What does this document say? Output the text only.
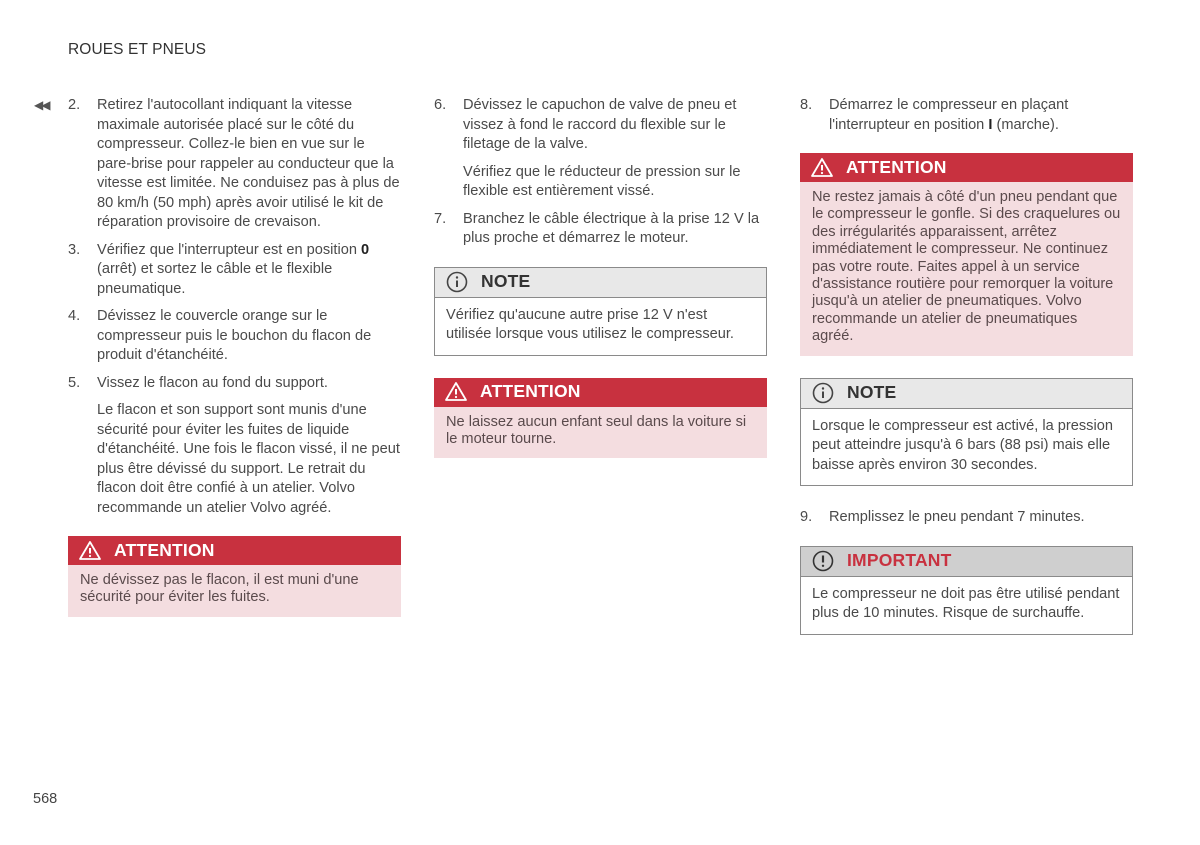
ROUES ET PNEUS
◀◀ 2. Retirez l'autocollant indiquant la vitesse maximale autorisée placé sur le côté du compresseur. Collez-le bien en vue sur le pare-brise pour rappeler au conducteur que la vitesse est limitée. Ne conduisez pas à plus de 80 km/h (50 mph) après avoir utilisé le kit de réparation provisoire de crevaison.
3. Vérifiez que l'interrupteur est en position 0 (arrêt) et sortez le câble et le flexible pneumatique.
4. Dévissez le couvercle orange sur le compresseur puis le bouchon du flacon de produit d'étanchéité.
5. Vissez le flacon au fond du support.

Le flacon et son support sont munis d'une sécurité pour éviter les fuites de liquide d'étanchéité. Une fois le flacon vissé, il ne peut plus être dévissé du support. Le retrait du flacon doit être confié à un atelier. Volvo recommande un atelier Volvo agréé.

ATTENTION
Ne dévissez pas le flacon, il est muni d'une sécurité pour éviter les fuites.
6. Dévissez le capuchon de valve de pneu et vissez à fond le raccord du flexible sur le filetage de la valve.

Vérifiez que le réducteur de pression sur le flexible est entièrement vissé.

7. Branchez le câble électrique à la prise 12 V la plus proche et démarrez le moteur.
NOTE
Vérifiez qu'aucune autre prise 12 V n'est utilisée lorsque vous utilisez le compresseur.
ATTENTION
Ne laissez aucun enfant seul dans la voiture si le moteur tourne.
8. Démarrez le compresseur en plaçant l'interrupteur en position I (marche).
ATTENTION
Ne restez jamais à côté d'un pneu pendant que le compresseur le gonfle. Si des craquelures ou des irrégularités apparaissent, arrêtez immédiatement le compresseur. Ne continuez pas votre route. Faites appel à un service d'assistance routière pour remorquer la voiture jusqu'à un atelier de pneumatiques. Volvo recommande un atelier de pneumatiques agréé.
NOTE
Lorsque le compresseur est activé, la pression peut atteindre jusqu'à 6 bars (88 psi) mais elle baisse après environ 30 secondes.
9. Remplissez le pneu pendant 7 minutes.
IMPORTANT
Le compresseur ne doit pas être utilisé pendant plus de 10 minutes. Risque de surchauffe.
568
